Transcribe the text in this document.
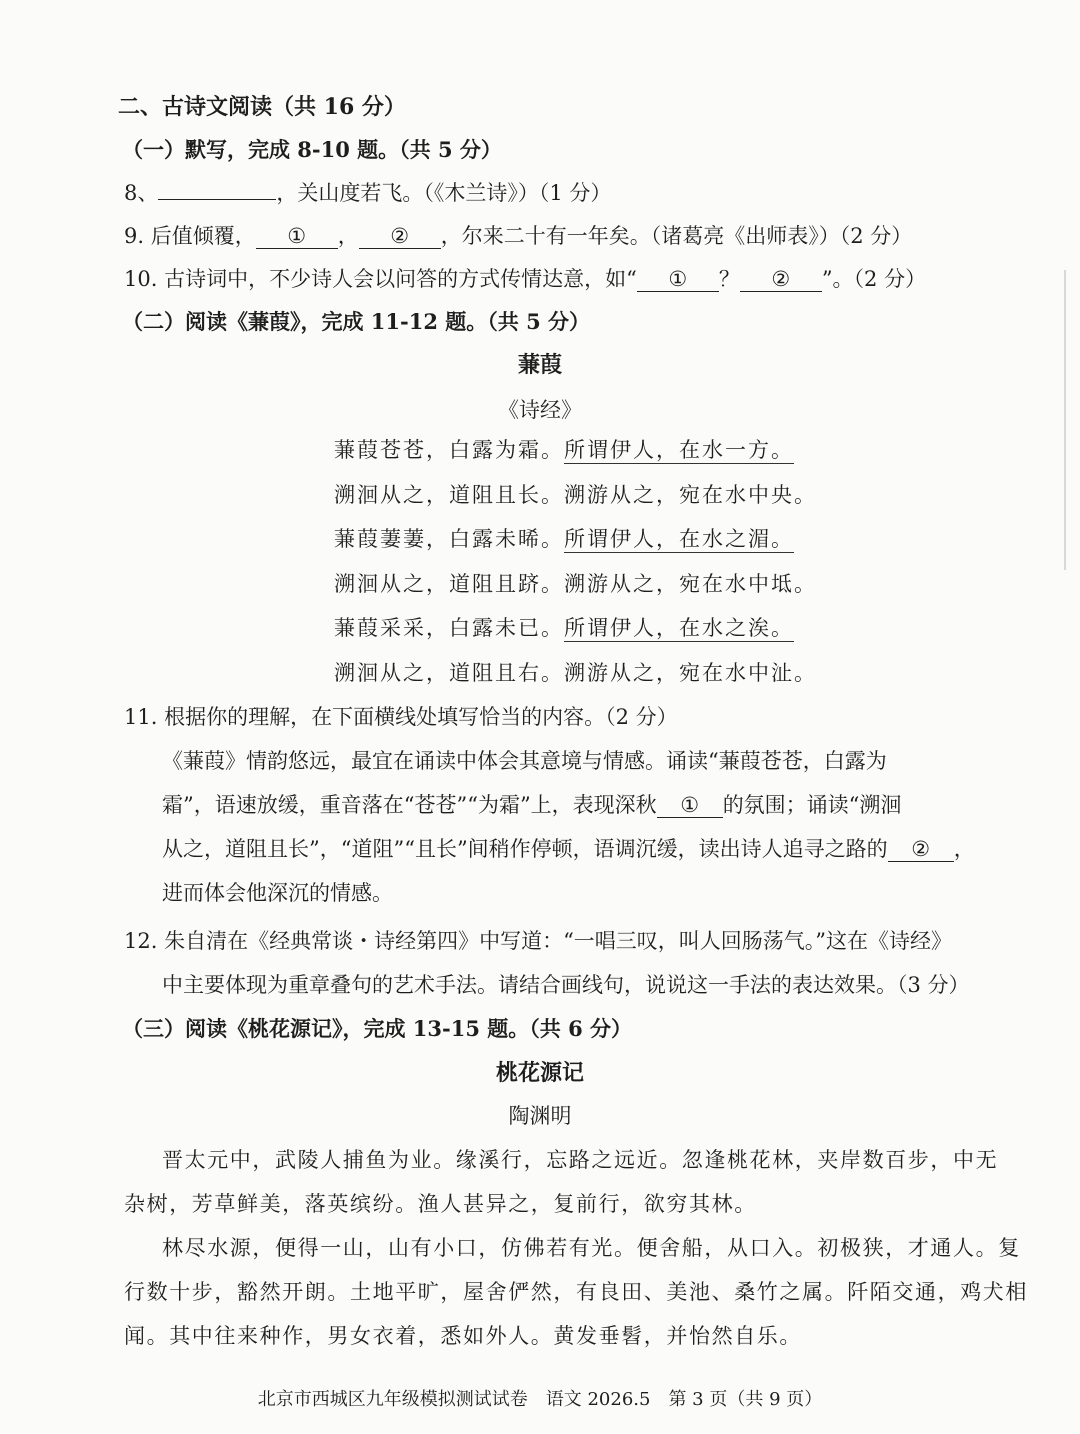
二、古诗文阅读（共 16 分）
（一）默写，完成 8-10 题。（共 5 分）
8、	，关山度若飞。（《木兰诗》）（1 分）
9. 后值倾覆， ① ， ② ，尔来二十有一年矣。（诸葛亮《出师表》）（2 分）
10. 古诗词中，不少诗人会以问答的方式传情达意，如“ ① ？ ② ”。（2 分）
（二）阅读《蒹葭》，完成 11-12 题。（共 5 分）
蒹葭
《诗经》
蒹葭苍苍，白露为霜。所谓伊人，在水一方。
溯洄从之，道阻且长。溯游从之，宛在水中央。
蒹葭萋萋，白露未晞。所谓伊人，在水之湄。
溯洄从之，道阻且跻。溯游从之，宛在水中坻。
蒹葭采采，白露未已。所谓伊人，在水之涘。
溯洄从之，道阻且右。溯游从之，宛在水中沚。
11. 根据你的理解，在下面横线处填写恰当的内容。（2 分）
《蒹葭》情韵悠远，最宜在诵读中体会其意境与情感。诵读“蒹葭苍苍，白露为
霜”，语速放缓，重音落在“苍苍”“为霜”上，表现深秋 ① 的氛围；诵读“溯洄
从之，道阻且长”，“道阻”“且长”间稍作停顿，语调沉缓，读出诗人追寻之路的 ② ，
进而体会他深沉的情感。
12. 朱自清在《经典常谈・诗经第四》中写道：“一唱三叹，叫人回肠荡气。”这在《诗经》
中主要体现为重章叠句的艺术手法。请结合画线句，说说这一手法的表达效果。（3 分）
（三）阅读《桃花源记》，完成 13-15 题。（共 6 分）
桃花源记
陶渊明
晋太元中，武陵人捕鱼为业。缘溪行，忘路之远近。忽逢桃花林，夹岸数百步，中无
杂树，芳草鲜美，落英缤纷。渔人甚异之，复前行，欲穷其林。
林尽水源，便得一山，山有小口，仿佛若有光。便舍船，从口入。初极狭，才通人。复
行数十步，豁然开朗。土地平旷，屋舍俨然，有良田、美池、桑竹之属。阡陌交通，鸡犬相
闻。其中往来种作，男女衣着，悉如外人。黄发垂髫，并怡然自乐。
北京市西城区九年级模拟测试试卷　语文 2026.5　第 3 页（共 9 页）
